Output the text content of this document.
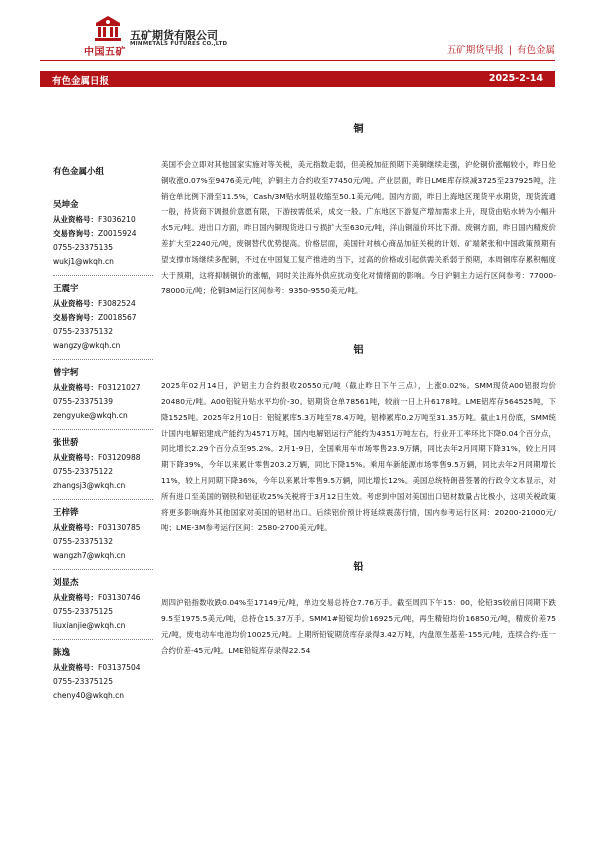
中国五矿
五矿期货有限公司
MINMETALS FUTURES CO.,LTD
五矿期货早报 | 有色金属
有色金属日报	2025-2-14
有色金属小组
吴坤金
从业资格号：F3036210
交易咨询号：Z0015924
0755-23375135
wukj1@wkqh.cn
王震宇
从业资格号：F3082524
交易咨询号：Z0018567
0755-23375132
wangzy@wkqh.cn
曾宇轲
从业资格号：F03121027
0755-23375139
zengyuke@wkqh.cn
张世骄
从业资格号：F03120988
0755-23375122
zhangsj3@wkqh.cn
王梓铧
从业资格号：F03130785
0755-23375132
wangzh7@wkqh.cn
刘显杰
从业资格号：F03130746
0755-23375125
liuxianjie@wkqh.cn
陈逸
从业资格号：F03137504
0755-23375125
cheny40@wkqh.cn
铜

美国不会立即对其他国家实施对等关税，美元指数走弱，但美税加征预期下美铜继续走强，沪伦铜价涨幅较小，昨日伦铜收涨0.07%至9476美元/吨，沪铜主力合约收至77450元/吨。产业层面，昨日LME库存续减3725至237925吨，注销仓单比例下滑至11.5%，Cash/3M贴水明显收缩至50.1美元/吨。国内方面，昨日上海地区现货平水期货，现货流通一般，持货商下调报价意愿有限，下游按需低采，成交一般。广东地区下游复产增加需求上升，现货由贴水转为小幅升水5元/吨。进出口方面，昨日国内铜现货进口亏损扩大至630元/吨，洋山铜溢价环比下滑。废铜方面，昨日国内精废价差扩大至2240元/吨，废铜替代优势提高。价格层面，美国针对核心商品加征关税的计划、矿端紧张和中国政策预期有望支撑市场继续多配铜，不过在中国复工复产推进的当下，过高的价格或引起供需关系弱于预期，本周铜库存累积幅度大于预期，这将抑制铜价的涨幅，同时关注海外供应扰动变化对情绪面的影响。今日沪铜主力运行区间参考：77000-78000元/吨；伦铜3M运行区间参考：9350-9550美元/吨。

铝

2025年02月14日，沪铝主力合约报收20550元/吨（截止昨日下午三点），上涨0.02%。SMM现货A00铝报均价20480元/吨。A00铝锭升贴水平均价-30。铝期货仓单78561吨，较前一日上升6178吨。LME铝库存564525吨，下降1525吨。2025年2月10日：铝锭累库5.3万吨至78.4万吨，铝棒累库0.2万吨至31.35万吨。截止1月份底，SMM统计国内电解铝建成产能约为4571万吨，国内电解铝运行产能约为4351万吨左右，行业开工率环比下降0.04个百分点，同比增长2.29个百分点至95.2%。2月1-9日，全国乘用车市场零售23.9万辆，同比去年2月同期下降31%，较上月同期下降39%，今年以来累计零售203.2万辆，同比下降15%。乘用车新能源市场零售9.5万辆，同比去年2月同期增长11%，较上月同期下降36%，今年以来累计零售9.5万辆，同比增长12%。美国总统特朗普签署的行政令文本显示，对所有进口至美国的钢铁和铝征收25%关税将于3月12日生效。考虑到中国对美国出口铝材数量占比极小，这项关税政策将更多影响海外其他国家对美国的铝材出口。后续铝价预计将延续震荡行情，国内参考运行区间：20200-21000元/吨；LME-3M参考运行区间：2580-2700美元/吨。

铅

周四沪铅指数收跌0.04%至17149元/吨，单边交易总持仓7.76万手。截至周四下午15：00，伦铅3S较前日同期下跌9.5至1975.5美元/吨，总持仓15.37万手。SMM1#铅锭均价16925元/吨，再生精铅均价16850元/吨，精废价差75元/吨，废电动车电池均价10025元/吨。上期所铅锭期货库存录得3.42万吨，内盘原生基差-155元/吨，连续合约-连一合约价差-45元/吨。LME铅锭库存录得22.54
